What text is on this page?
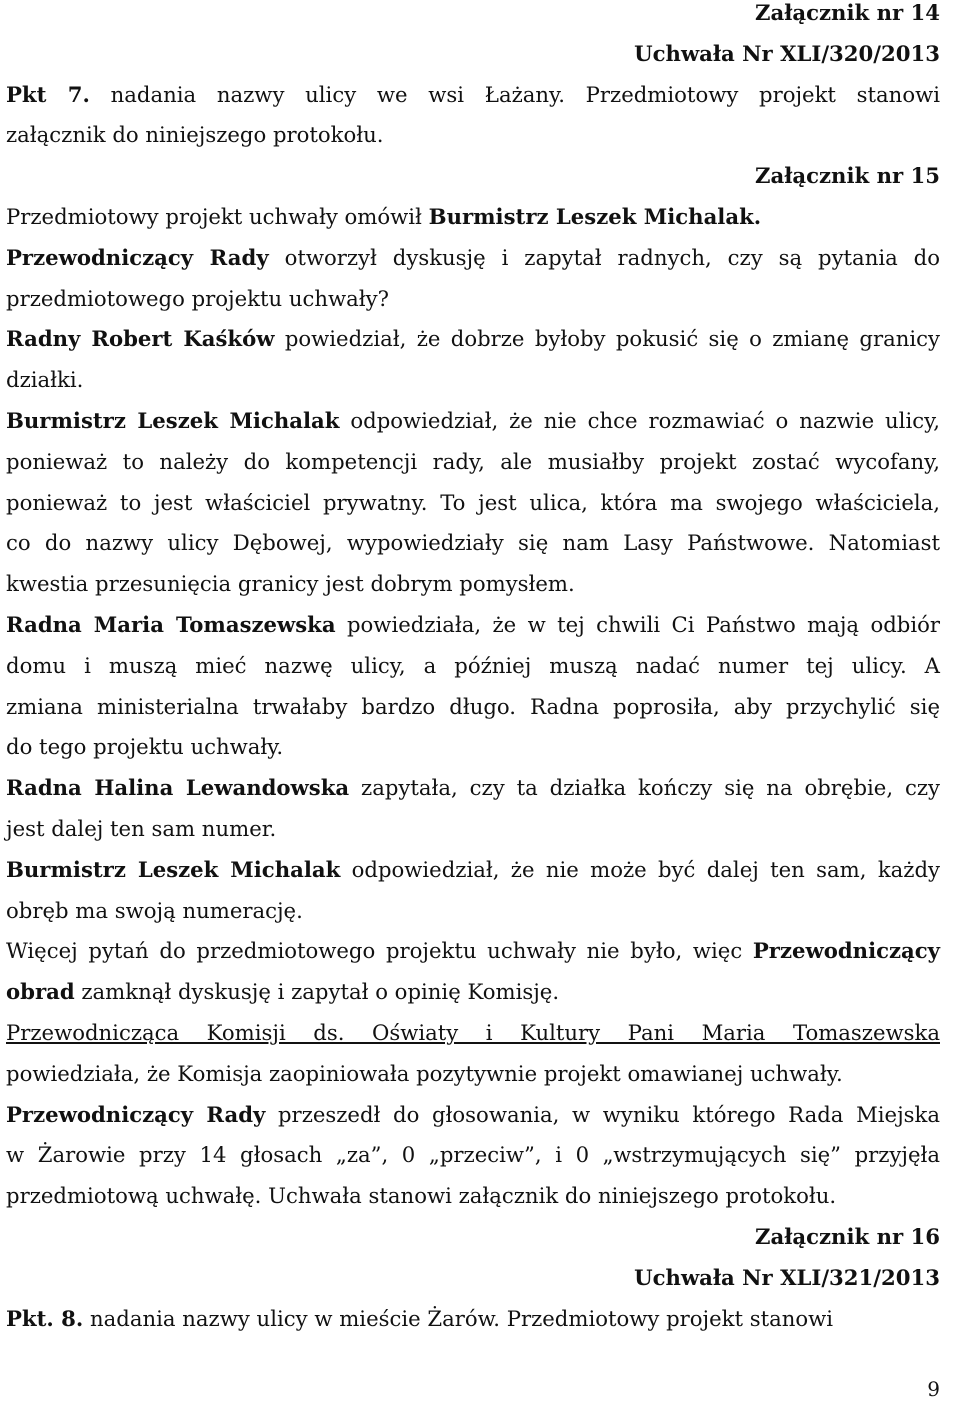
Załącznik nr 14

Uchwała Nr XLI/320/2013

Pkt 7. nadania nazwy ulicy we wsi Łażany. Przedmiotowy projekt stanowi

załącznik do niniejszego protokołu.

Załącznik nr 15

Przedmiotowy projekt uchwały omówił Burmistrz Leszek Michalak.

Przewodniczący Rady otworzył dyskusję i zapytał radnych, czy są pytania do

przedmiotowego projektu uchwały?

Radny Robert Kaśków powiedział, że dobrze byłoby pokusić się o zmianę granicy

działki.

Burmistrz Leszek Michalak odpowiedział, że nie chce rozmawiać o nazwie ulicy,

ponieważ to należy do kompetencji rady, ale musiałby projekt zostać wycofany,

ponieważ to jest właściciel prywatny. To jest ulica, która ma swojego właściciela,

co do nazwy ulicy Dębowej, wypowiedziały się nam Lasy Państwowe. Natomiast

kwestia przesunięcia granicy jest dobrym pomysłem.

Radna Maria Tomaszewska powiedziała, że w tej chwili Ci Państwo mają odbiór

domu i muszą mieć nazwę ulicy, a później muszą nadać numer tej ulicy. A

zmiana ministerialna trwałaby bardzo długo. Radna poprosiła, aby przychylić się

do tego projektu uchwały.

Radna Halina Lewandowska zapytała, czy ta działka kończy się na obrębie, czy

jest dalej ten sam numer.

Burmistrz Leszek Michalak odpowiedział, że nie może być dalej ten sam, każdy

obręb ma swoją numerację.

Więcej pytań do przedmiotowego projektu uchwały nie było, więc Przewodniczący

obrad zamknął dyskusję i zapytał o opinię Komisję.

Przewodnicząca Komisji ds. Oświaty i Kultury Pani Maria Tomaszewska

powiedziała, że Komisja zaopiniowała pozytywnie projekt omawianej uchwały.

Przewodniczący Rady przeszedł do głosowania, w wyniku którego Rada Miejska

w Żarowie przy 14 głosach „za”, 0 „przeciw”, i 0 „wstrzymujących się” przyjęła

przedmiotową uchwałę. Uchwała stanowi załącznik do niniejszego protokołu.

Załącznik nr 16

Uchwała Nr XLI/321/2013

Pkt. 8. nadania nazwy ulicy w mieście Żarów. Przedmiotowy projekt stanowi

9
